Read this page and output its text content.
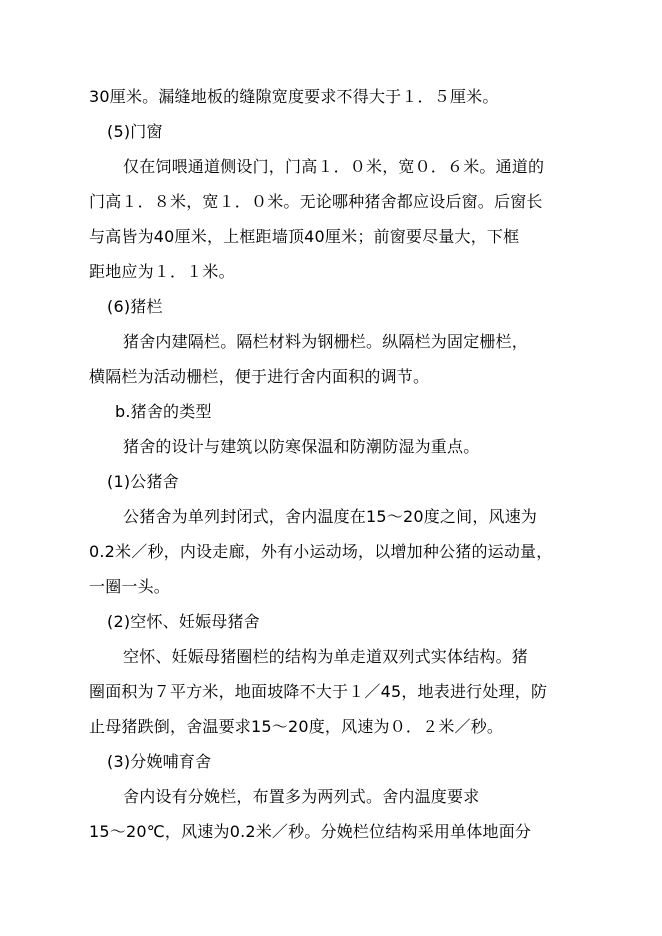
30厘米。漏缝地板的缝隙宽度要求不得大于１．５厘米。
(5)门窗
仅在饲喂通道侧设门，门高１．０米，宽０．６米。通道的
门高１．８米，宽１．０米。无论哪种猪舍都应设后窗。后窗长
与高皆为40厘米，上框距墙顶40厘米；前窗要尽量大，下框
距地应为１．１米。
(6)猪栏
猪舍内建隔栏。隔栏材料为钢栅栏。纵隔栏为固定栅栏，
横隔栏为活动栅栏，便于进行舍内面积的调节。
b.猪舍的类型
猪舍的设计与建筑以防寒保温和防潮防湿为重点。
(1)公猪舍
公猪舍为单列封闭式，舍内温度在15～20度之间，风速为
0.2米／秒，内设走廊，外有小运动场，以增加种公猪的运动量，
一圈一头。
(2)空怀、妊娠母猪舍
空怀、妊娠母猪圈栏的结构为单走道双列式实体结构。猪
圈面积为７平方米，地面坡降不大于１／45，地表进行处理，防
止母猪跌倒，舍温要求15～20度，风速为０．２米／秒。
(3)分娩哺育舍
舍内设有分娩栏，布置多为两列式。舍内温度要求
15～20℃，风速为0.2米／秒。分娩栏位结构采用单体地面分
